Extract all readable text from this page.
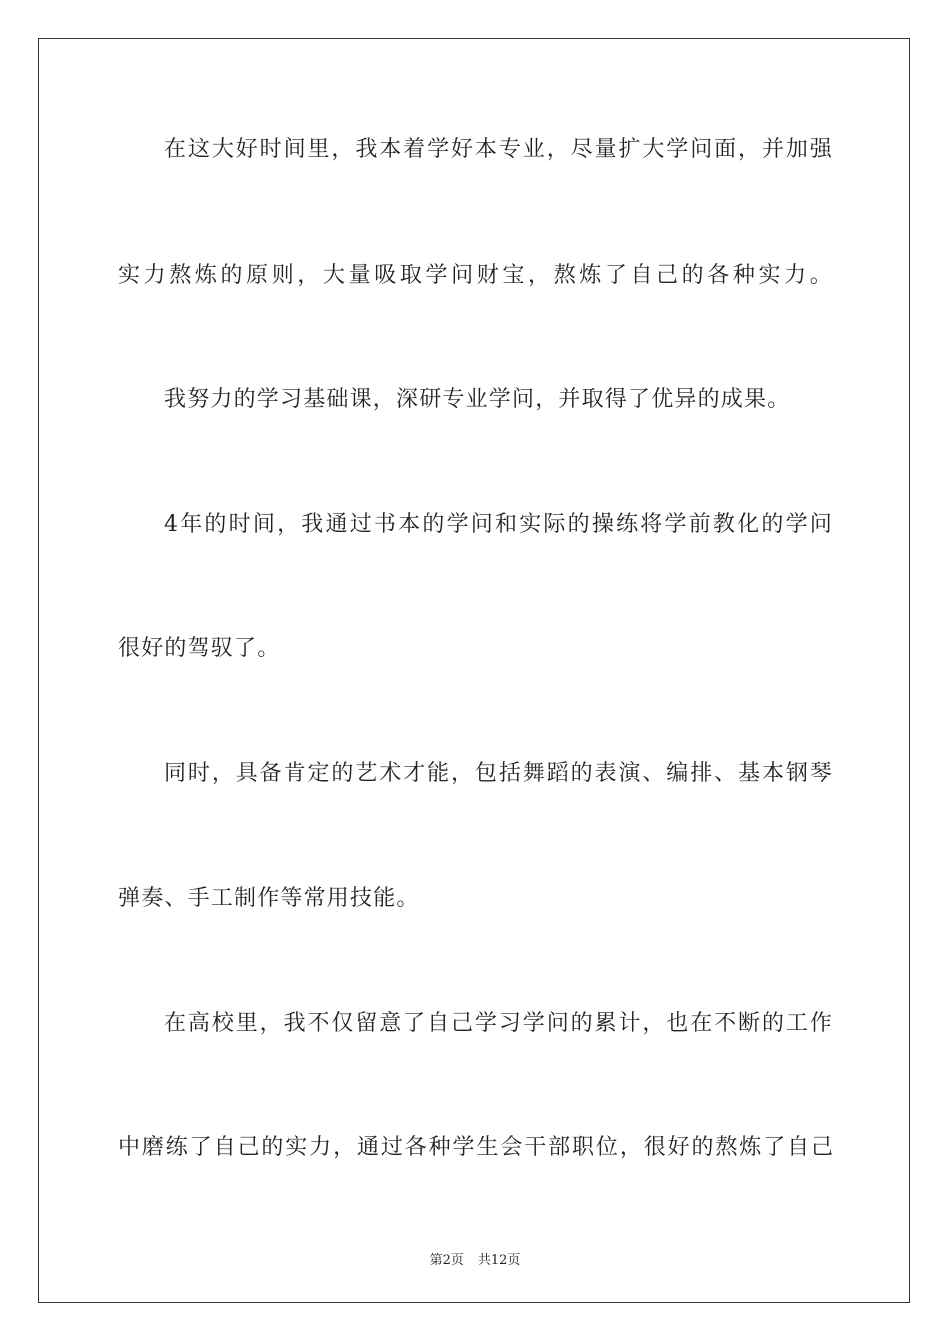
在这大好时间里，我本着学好本专业，尽量扩大学问面，并加强
实力熬炼的原则，大量吸取学问财宝，熬炼了自己的各种实力。
我努力的学习基础课，深研专业学问，并取得了优异的成果。
4年的时间，我通过书本的学问和实际的操练将学前教化的学问
很好的驾驭了。
同时，具备肯定的艺术才能，包括舞蹈的表演、编排、基本钢琴
弹奏、手工制作等常用技能。
在高校里，我不仅留意了自己学习学问的累计，也在不断的工作
中磨练了自己的实力，通过各种学生会干部职位，很好的熬炼了自己
第2页 共12页
